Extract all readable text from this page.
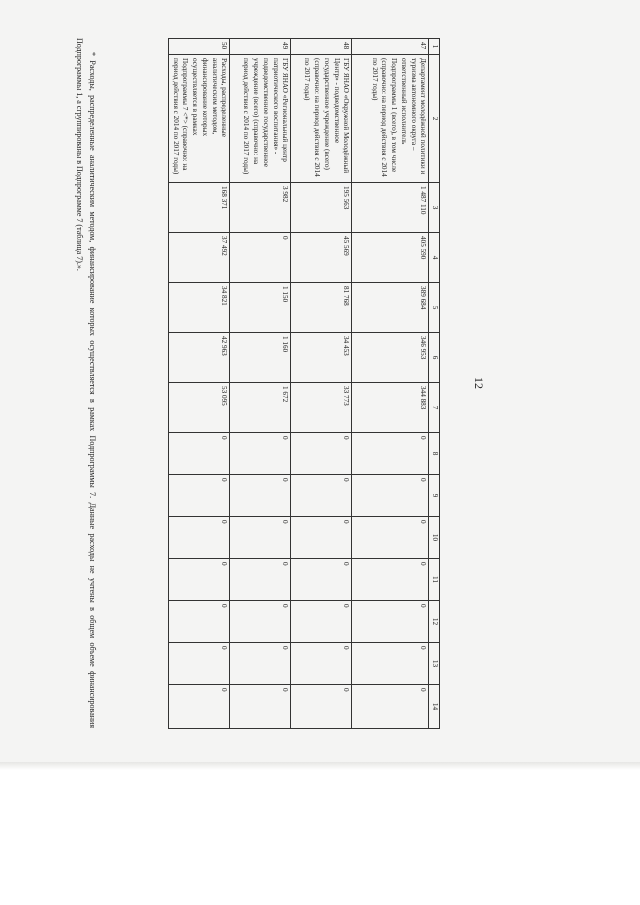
12
1	2	3	4	5	6	7	8	9	10	11	12	13	14
47	Департамент молодёжной политики и туризма автономного округа – ответственный исполнитель Подпрограммы 1 (всего), в том числе (справочно: на период действия с 2014 по 2017 годы)	1 487 110	405 590	389 684	346 953	344 883	0	0	0	0	0	0	0
48	ГБУ ЯНАО «Окружной Молодёжный Центр» - подведомственное государственное учреждение (всего) (справочно: на период действия с 2014 по 2017 годы)	195 563	45 569	81 768	34 453	33 773	0	0	0	0	0	0	0
49	ГБУ ЯНАО «Региональный центр патриотического воспитания» - подведомственное государственное учреждение (всего) (справочно: на период действия с 2014 по 2017 годы)	3 982	0	1 150	1 160	1 672	0	0	0	0	0	0	0
50	Расходы, распределенные аналитическим методом, финансирование которых осуществляется в рамках Подпрограммы 7 <*> (справочно: на период действия с 2014 по 2017 годы)	168 371	37 492	34 821	42 963	53 095	0	0	0	0	0	0	0

* Расходы, распределенные аналитическим методом, финансирование которых осуществляется в рамках Подпрограммы 7. Данные расходы не учтены в общем объеме финансирования Подпрограммы 1, а сгруппированы в Подпрограмме 7 (таблица 7).».
